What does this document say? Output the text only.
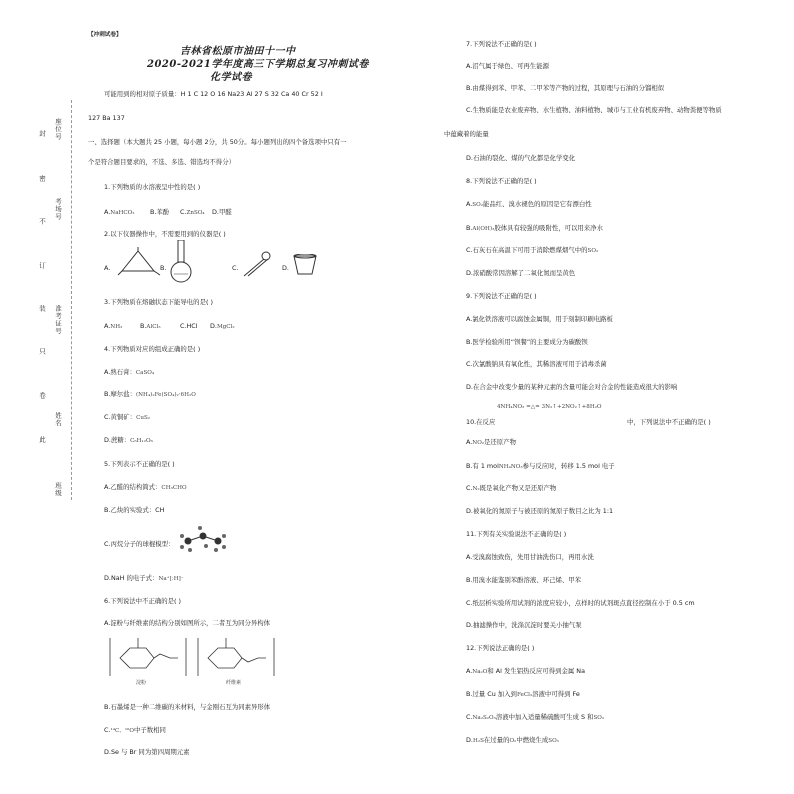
【冲刺试卷】
吉林省松原市油田十一中
2020-2021学年度高三下学期总复习冲刺试卷
化学试卷
可能用到的相对原子质量：H 1 C 12 O 16 Na23 Al 27 S 32 Ca 40 Cr 52 I
127 Ba 137
一、选择题（本大题共 25 小题，每小题 2分，共 50分。每小题列出的四个备选项中只有一
个是符合题目要求的，不选、多选、错选均不得分）
封
密
不
订
装
只
卷
此
座位号
考场号
准考证号
姓名
班级
1.下列物质的水溶液呈中性的是( )
A.NaHCO₃ B.苯酚 C.ZnSO₄ D.甲醛
2.以下仪器操作中，不需要用到的仪器是( )
A.	B.	C.	D.
3.下列物质在熔融状态下能导电的是( )
A.NH₃	B.AlCl₃	C.HCl D.MgCl₂
4.下列物质对应的组成正确的是( )
A.熟石膏：CaSO₄
B.摩尔盐：(NH₄)₂Fe(SO₄)₂·6H₂O
C.黄铜矿：CuS₂
D.蔗糖：C₆H₁₂O₆
5.下列表示不正确的是( )
A.乙醛的结构简式：CH₃CHO
B.乙炔的实验式：CH
C.丙烷分子的球棍模型：
D.NaH 的电子式：Na⁺[:H]⁻
6.下列说法中不正确的是( )
A.淀粉与纤维素的结构分别如图所示，二者互为同分异构体
淀粉	纤维素
B.石墨烯是一种二维碳的米材料，与金刚石互为同素异形体
C.¹⁴C、¹⁶O中子数相同
D.Se 与 Br 同为第四周期元素
7.下列说法不正确的是( )
A.沼气属于绿色、可再生能源
B.由煤得到苯、甲苯、二甲苯等产物的过程，其原理与石油的分馏相似
C.生物质能是农业废弃物、水生植物、油料植物、城市与工业有机废弃物、动物粪便等物质
中蕴藏着的能量
D.石油的裂化、煤的气化都是化学变化
8.下列说法不正确的是( )
A.SO₂能品红、溴水褪色的原因是它有漂白性
B.Al(OH)₃胶体具有较强的吸附性，可以用来净水
C.石灰石在高温下可用于消除燃煤烟气中的SO₂
D.浓硝酸常因溶解了二氧化氮而呈黄色
9.下列说法不正确的是( )
A.氯化铁溶液可以腐蚀金属铜，用于刻制印刷电路板
B.医学检验所用“钡餐”的主要成分为碳酸钡
C.次氯酸钠具有氧化性，其稀溶液可用于消毒杀菌
D.在合金中改变少量的某种元素的含量可能会对合金的性能造成很大的影响
4NH₄NO₃ =△= 3N₂↑+2NO₂↑+8H₂O
10.在反应	中，下列说法中不正确的是( )
A.NO₂是还原产物
B.有 1 molNH₄NO₃参与反应时，转移 1.5 mol 电子
C.N₂既是氧化产物又是还原产物
D.被氧化的氮原子与被还原的氮原子数目之比为 1:1
11.下列有关实验说法不正确的是( )
A.受溴腐蚀致伤，先用甘油洗伤口，再用水洗
B.用溴水能鉴别苯酚溶液、环己烯、甲苯
C.纸层析实验所用试剂的浓度应较小，点样时的试剂斑点直径控制在小于 0.5 cm
D.抽滤操作中，洗涤沉淀时要关小抽气泵
12.下列说法正确的是( )
A.Na₂O和 Al 发生铝热反应可得到金属 Na
B.过量 Cu 加入到FeCl₃溶液中可得到 Fe
C.Na₂S₂O₃溶液中加入适量稀硫酸可生成 S 和SO₂
D.H₂S在过量的O₂中燃烧生成SO₃
